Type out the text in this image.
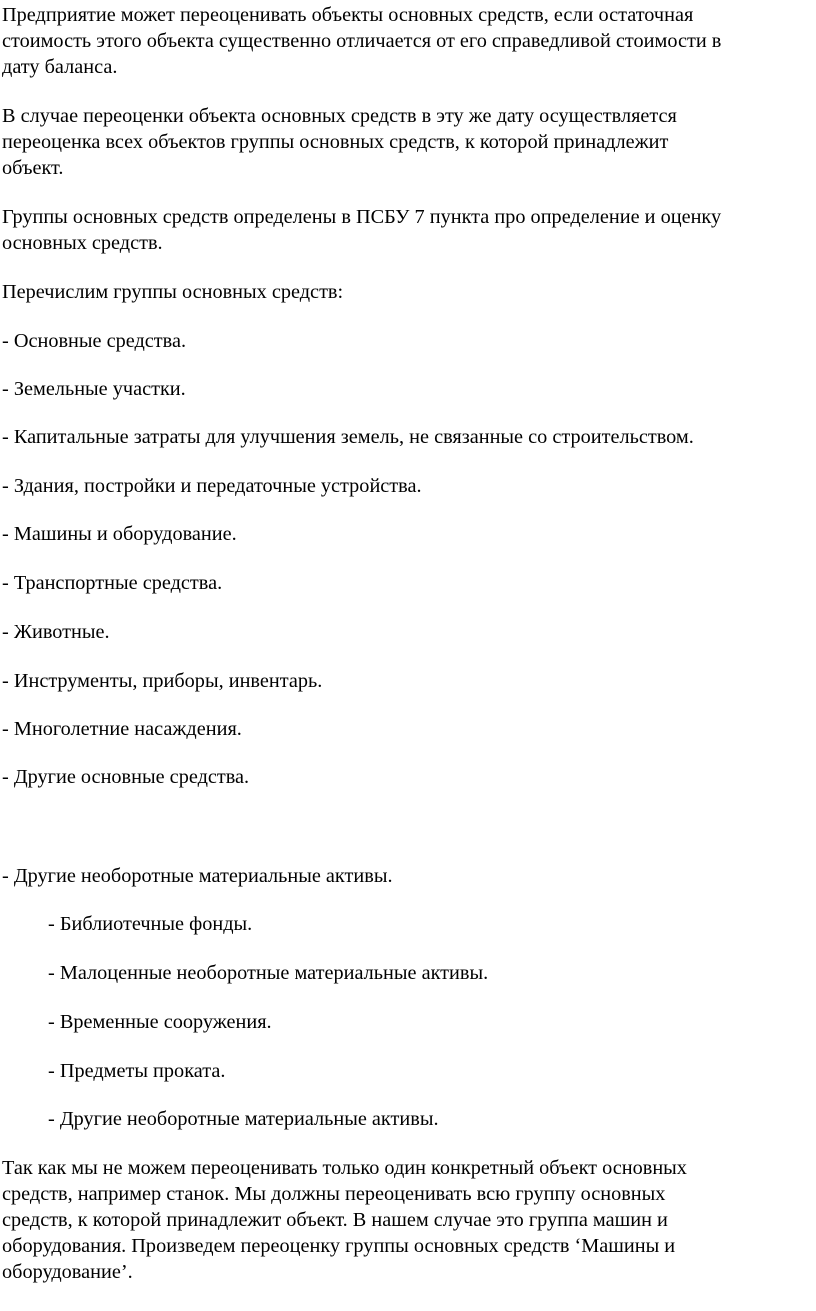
Предприятие может переоценивать объекты основных средств, если остаточная
стоимость этого объекта существенно отличается от его справедливой стоимости в
дату баланса.

В случае переоценки объекта основных средств в эту же дату осуществляется
переоценка всех объектов группы основных средств, к которой принадлежит
объект.

Группы основных средств определены в ПСБУ 7 пункта про определение и оценку
основных средств.

Перечислим группы основных средств:

- Основные средства.

- Земельные участки.

- Капитальные затраты для улучшения земель, не связанные со строительством.

- Здания, постройки и передаточные устройства.

- Машины и оборудование.

- Транспортные средства.

- Животные.

- Инструменты, приборы, инвентарь.

- Многолетние насаждения.

- Другие основные средства.

- Другие необоротные материальные активы.

- Библиотечные фонды.

- Малоценные необоротные материальные активы.

- Временные сооружения.

- Предметы проката.

- Другие необоротные материальные активы.

Так как мы не можем переоценивать только один конкретный объект основных
средств, например станок. Мы должны переоценивать всю группу основных
средств, к которой принадлежит объект. В нашем случае это группа машин и
оборудования. Произведем переоценку группы основных средств ‘Машины и
оборудование’.
